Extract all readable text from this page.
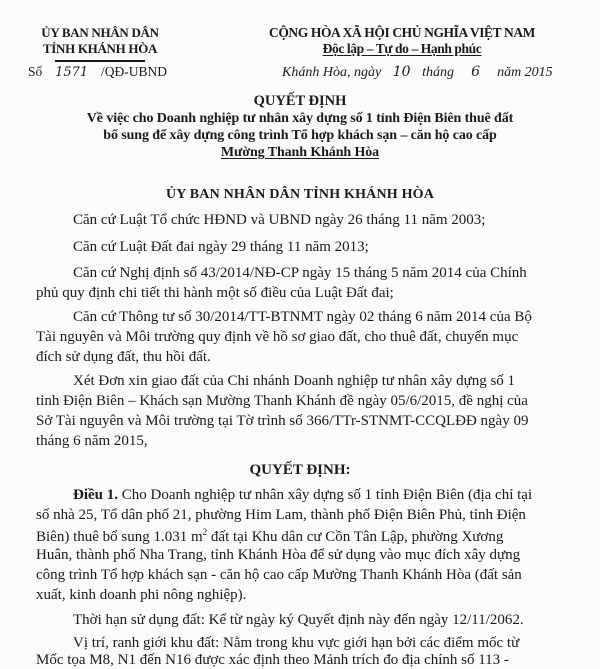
ỦY BAN NHÂN DÂN
TỈNH KHÁNH HÒA
Số 1571 /QĐ-UBND
CỘNG HÒA XÃ HỘI CHỦ NGHĨA VIỆT NAM
Độc lập – Tự do – Hạnh phúc
Khánh Hòa, ngày 10 tháng 6 năm 2015
QUYẾT ĐỊNH
Về việc cho Doanh nghiệp tư nhân xây dựng số 1 tỉnh Điện Biên thuê đất
bổ sung để xây dựng công trình Tổ hợp khách sạn – căn hộ cao cấp
Mường Thanh Khánh Hòa
ỦY BAN NHÂN DÂN TỈNH KHÁNH HÒA
Căn cứ Luật Tổ chức HĐND và UBND ngày 26 tháng 11 năm 2003;
Căn cứ Luật Đất đai ngày 29 tháng 11 năm 2013;
Căn cứ Nghị định số 43/2014/NĐ-CP ngày 15 tháng 5 năm 2014 của Chính
phủ quy định chi tiết thi hành một số điều của Luật Đất đai;
Căn cứ Thông tư số 30/2014/TT-BTNMT ngày 02 tháng 6 năm 2014 của Bộ
Tài nguyên và Môi trường quy định về hồ sơ giao đất, cho thuê đất, chuyển mục
đích sử dụng đất, thu hồi đất.
Xét Đơn xin giao đất của Chi nhánh Doanh nghiệp tư nhân xây dựng số 1
tỉnh Điện Biên – Khách sạn Mường Thanh Khánh đề ngày 05/6/2015, đề nghị của
Sở Tài nguyên và Môi trường tại Tờ trình số 366/TTr-STNMT-CCQLĐĐ ngày 09
tháng 6 năm 2015,
QUYẾT ĐỊNH:
Điều 1. Cho Doanh nghiệp tư nhân xây dựng số 1 tỉnh Điện Biên (địa chỉ tại
số nhà 25, Tổ dân phố 21, phường Him Lam, thành phố Điện Biên Phủ, tỉnh Điện
Biên) thuê bổ sung 1.031 $m^2$ đất tại Khu dân cư Cồn Tân Lập, phường Xương
Huân, thành phố Nha Trang, tỉnh Khánh Hòa để sử dụng vào mục đích xây dựng
công trình Tổ hợp khách sạn - căn hộ cao cấp Mường Thanh Khánh Hòa (đất sản
xuất, kinh doanh phi nông nghiệp).
Thời hạn sử dụng đất: Kể từ ngày ký Quyết định này đến ngày 12/11/2062.
Vị trí, ranh giới khu đất: Nằm trong khu vực giới hạn bởi các điểm mốc từ
Mốc tọa M8, N1 đến N16 được xác định theo Mảnh trích đo địa chính số 113 -
